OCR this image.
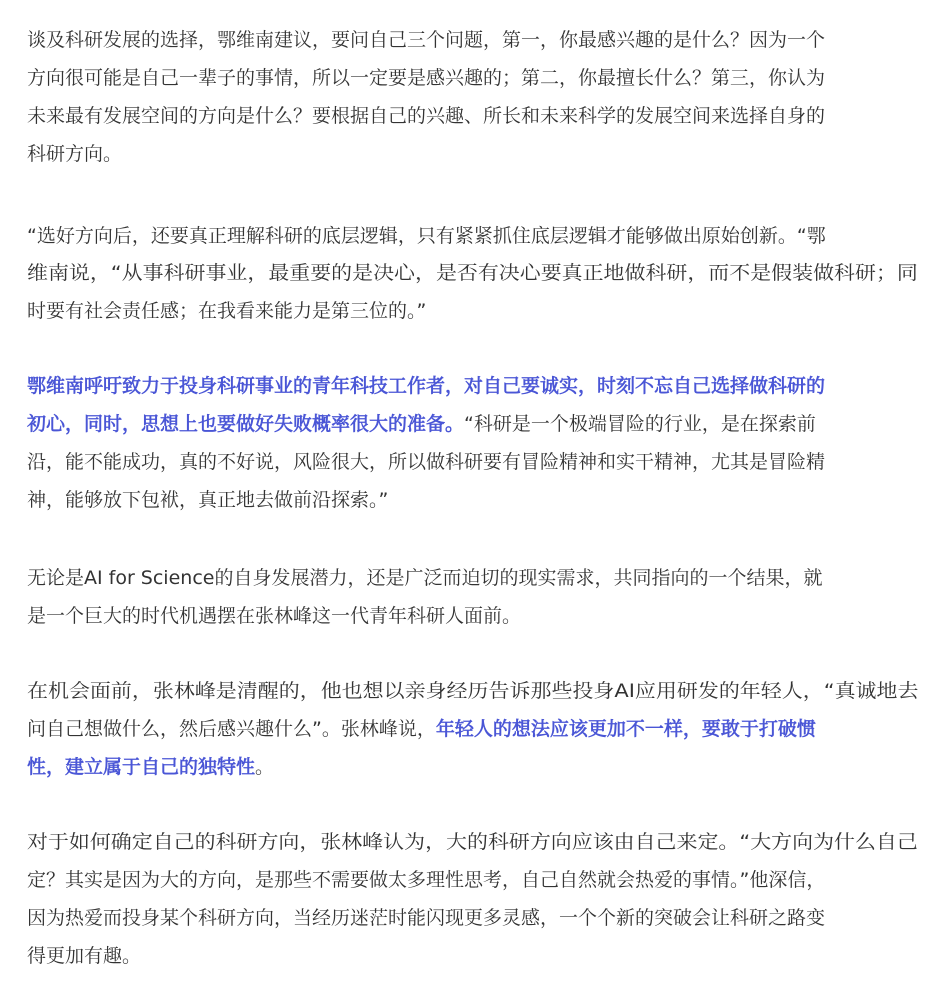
谈及科研发展的选择，鄂维南建议，要问自己三个问题，第一，你最感兴趣的是什么？因为一个
方向很可能是自己一辈子的事情，所以一定要是感兴趣的；第二，你最擅长什么？第三，你认为
未来最有发展空间的方向是什么？要根据自己的兴趣、所长和未来科学的发展空间来选择自身的
科研方向。
“选好方向后，还要真正理解科研的底层逻辑，只有紧紧抓住底层逻辑才能够做出原始创新。“鄂
维南说，“从事科研事业，最重要的是决心，是否有决心要真正地做科研，而不是假装做科研；同
时要有社会责任感；在我看来能力是第三位的。”
鄂维南呼吁致力于投身科研事业的青年科技工作者，对自己要诚实，时刻不忘自己选择做科研的
初心，同时，思想上也要做好失败概率很大的准备。“科研是一个极端冒险的行业，是在探索前
沿，能不能成功，真的不好说，风险很大，所以做科研要有冒险精神和实干精神，尤其是冒险精
神，能够放下包袱，真正地去做前沿探索。”
无论是AI for Science的自身发展潜力，还是广泛而迫切的现实需求，共同指向的一个结果，就
是一个巨大的时代机遇摆在张林峰这一代青年科研人面前。
在机会面前，张林峰是清醒的，他也想以亲身经历告诉那些投身AI应用研发的年轻人，“真诚地去
问自己想做什么，然后感兴趣什么”。张林峰说，年轻人的想法应该更加不一样，要敢于打破惯
性，建立属于自己的独特性。
对于如何确定自己的科研方向，张林峰认为，大的科研方向应该由自己来定。“大方向为什么自己
定？其实是因为大的方向，是那些不需要做太多理性思考，自己自然就会热爱的事情。”他深信，
因为热爱而投身某个科研方向，当经历迷茫时能闪现更多灵感，一个个新的突破会让科研之路变
得更加有趣。
